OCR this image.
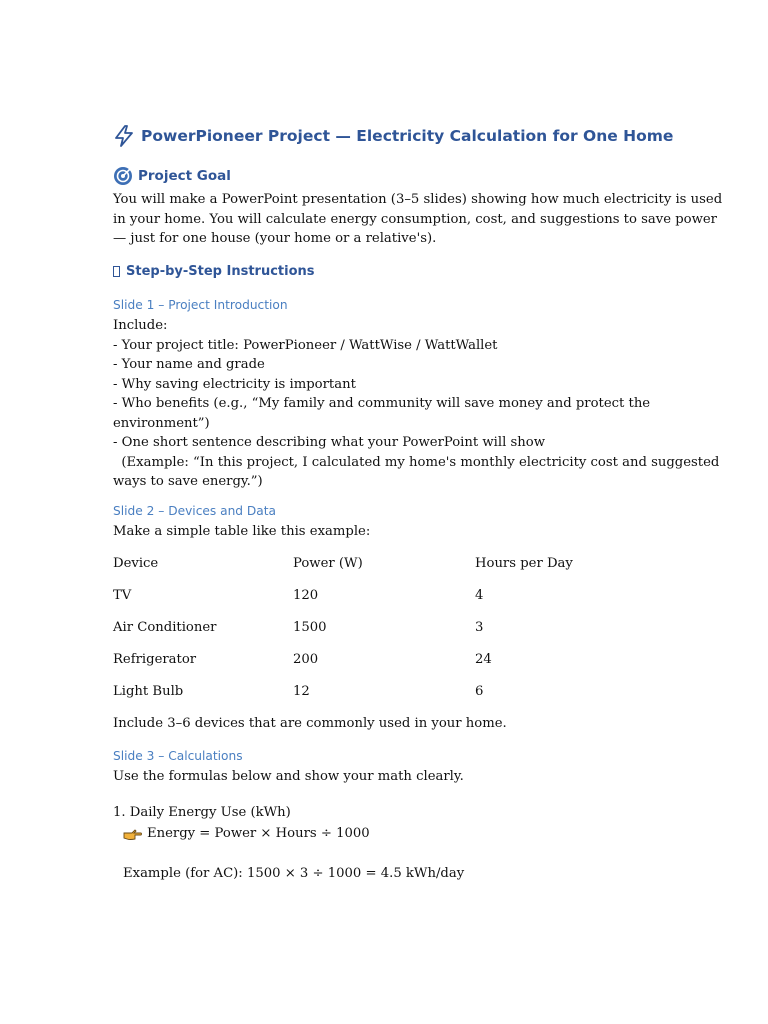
PowerPioneer Project — Electricity Calculation for One Home
Project Goal
You will make a PowerPoint presentation (3–5 slides) showing how much electricity is used
in your home. You will calculate energy consumption, cost, and suggestions to save power
— just for one house (your home or a relative's).
Step-by-Step Instructions
Slide 1 – Project Introduction
Include:
- Your project title: PowerPioneer / WattWise / WattWallet
- Your name and grade
- Why saving electricity is important
- Who benefits (e.g., “My family and community will save money and protect the
environment”)
- One short sentence describing what your PowerPoint will show
(Example: “In this project, I calculated my home's monthly electricity cost and suggested
ways to save energy.”)
Slide 2 – Devices and Data
Make a simple table like this example:
Device	Power (W)	Hours per Day
TV	120	4
Air Conditioner	1500	3
Refrigerator	200	24
Light Bulb	12	6
Include 3–6 devices that are commonly used in your home.
Slide 3 – Calculations
Use the formulas below and show your math clearly.
1. Daily Energy Use (kWh)
Energy = Power × Hours ÷ 1000
Example (for AC): 1500 × 3 ÷ 1000 = 4.5 kWh/day
